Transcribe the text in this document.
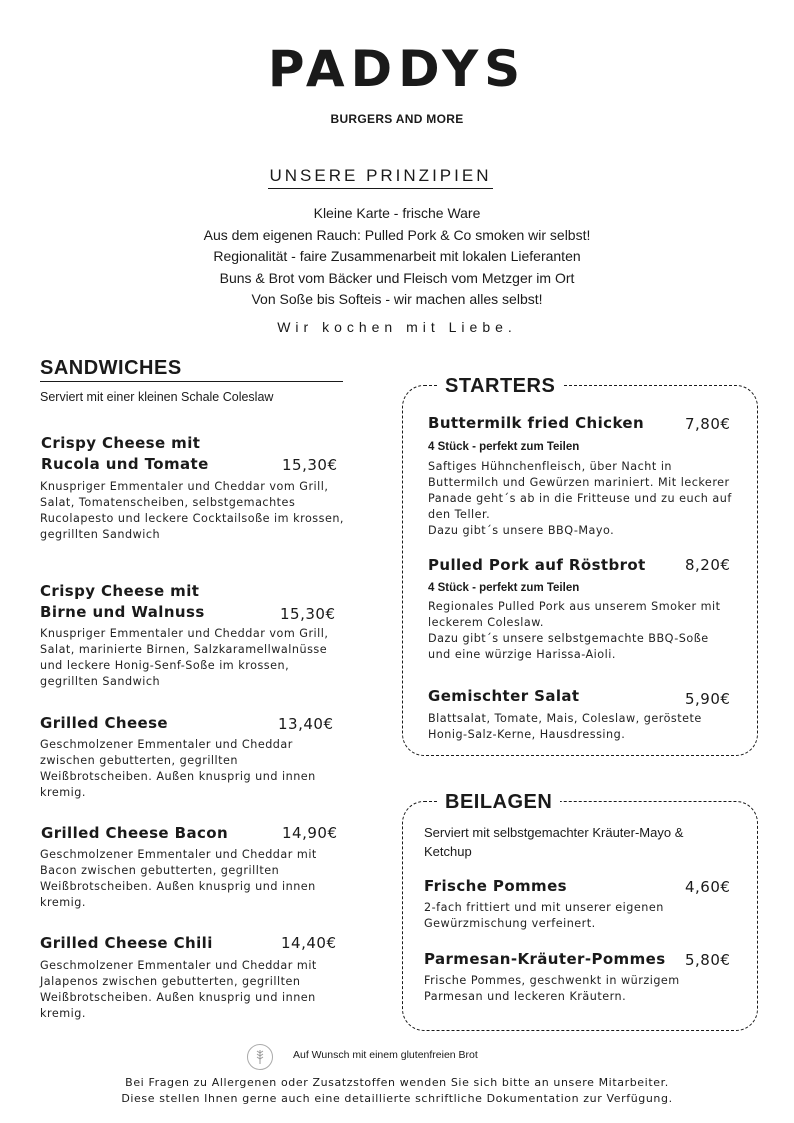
PADDYS
BURGERS AND MORE
UNSERE PRINZIPIEN
Kleine Karte - frische Ware
Aus dem eigenen Rauch: Pulled Pork & Co smoken wir selbst!
Regionalität - faire Zusammenarbeit mit lokalen Lieferanten
Buns & Brot vom Bäcker und Fleisch vom Metzger im Ort
Von Soße bis Softeis - wir machen alles selbst!
Wir kochen mit Liebe.
SANDWICHES
Serviert mit einer kleinen Schale Coleslaw
Crispy Cheese mit
Rucola und Tomate	15,30€
Knuspriger Emmentaler und Cheddar vom Grill, Salat, Tomatenscheiben, selbstgemachtes Rucolapesto und leckere Cocktailsoße im krossen, gegrillten Sandwich
Crispy Cheese mit
Birne und Walnuss	15,30€
Knuspriger Emmentaler und Cheddar vom Grill, Salat, marinierte Birnen, Salzkaramellwalnüsse und leckere Honig-Senf-Soße im krossen, gegrillten Sandwich
Grilled Cheese	13,40€
Geschmolzener Emmentaler und Cheddar zwischen gebutterten, gegrillten Weißbrotscheiben. Außen knusprig und innen kremig.
Grilled Cheese Bacon	14,90€
Geschmolzener Emmentaler und Cheddar mit Bacon zwischen gebutterten, gegrillten Weißbrotscheiben. Außen knusprig und innen kremig.
Grilled Cheese Chili	14,40€
Geschmolzener Emmentaler und Cheddar mit Jalapenos zwischen gebutterten, gegrillten Weißbrotscheiben. Außen knusprig und innen kremig.
STARTERS
Buttermilk fried Chicken	7,80€
4 Stück - perfekt zum Teilen
Saftiges Hühnchenfleisch, über Nacht in Buttermilch und Gewürzen mariniert. Mit leckerer Panade geht´s ab in die Fritteuse und zu euch auf den Teller.
Dazu gibt´s unsere BBQ-Mayo.
Pulled Pork auf Röstbrot	8,20€
4 Stück - perfekt zum Teilen
Regionales Pulled Pork aus unserem Smoker mit leckerem Coleslaw.
Dazu gibt´s unsere selbstgemachte BBQ-Soße und eine würzige Harissa-Aioli.
Gemischter Salat	5,90€
Blattsalat, Tomate, Mais, Coleslaw, geröstete Honig-Salz-Kerne, Hausdressing.
BEILAGEN
Serviert mit selbstgemachter Kräuter-Mayo & Ketchup
Frische Pommes	4,60€
2-fach frittiert und mit unserer eigenen Gewürzmischung verfeinert.
Parmesan-Kräuter-Pommes 5,80€
Frische Pommes, geschwenkt in würzigem Parmesan und leckeren Kräutern.
Auf Wunsch mit einem glutenfreien Brot
Bei Fragen zu Allergenen oder Zusatzstoffen wenden Sie sich bitte an unsere Mitarbeiter.
Diese stellen Ihnen gerne auch eine detaillierte schriftliche Dokumentation zur Verfügung.
